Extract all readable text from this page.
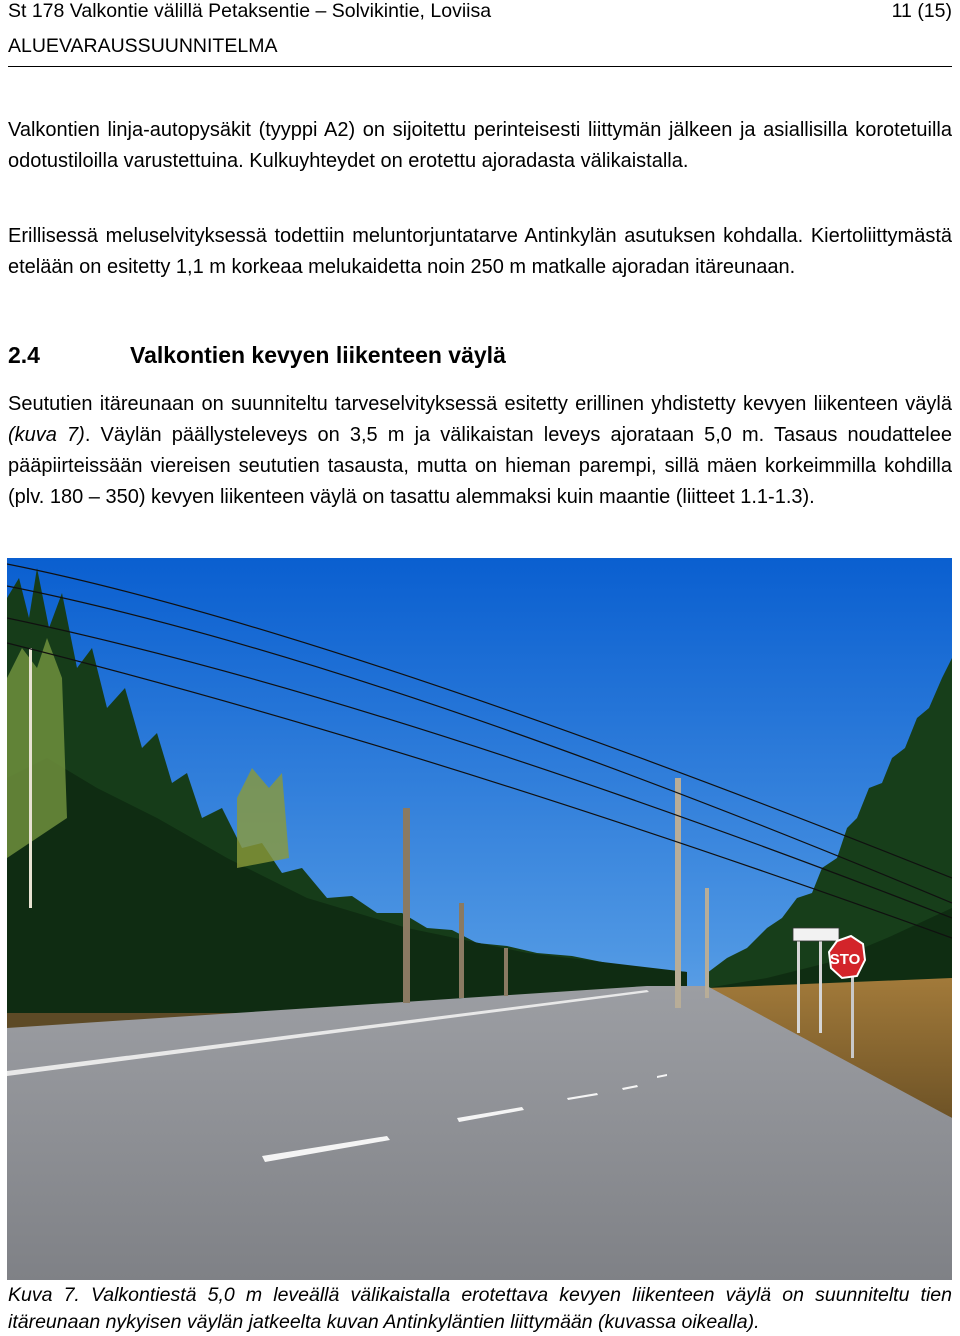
St 178 Valkontie välillä Petaksentie – Solvikintie, Loviisa	11 (15)
ALUEVARAUSSUUNNITELMA

Valkontien linja-autopysäkit (tyyppi A2) on sijoitettu perinteisesti liittymän jälkeen ja asiallisilla korotetuilla odotustiloilla varustettuina. Kulkuyhteydet on erotettu ajoradasta välikaistalla.

Erillisessä meluselvityksessä todettiin meluntorjuntatarve Antinkylän asutuksen kohdalla. Kiertoliittymästä etelään on esitetty 1,1 m korkeaa melukaidetta noin 250 m matkalle ajoradan itäreunaan.

2.4	Valkontien kevyen liikenteen väylä

Seututien itäreunaan on suunniteltu tarveselvityksessä esitetty erillinen yhdistetty kevyen liikenteen väylä (kuva 7). Väylän päällysteleveys on 3,5 m ja välikaistan leveys ajorataan 5,0 m. Tasaus noudattelee pääpiirteissään viereisen seututien tasausta, mutta on hieman parempi, sillä mäen korkeimmilla kohdilla (plv. 180 – 350) kevyen liikenteen väylä on tasattu alemmaksi kuin maantie (liitteet 1.1-1.3).

STO

Kuva 7. Valkontiestä 5,0 m leveällä välikaistalla erotettava kevyen liikenteen väylä on suunniteltu tien itäreunaan nykyisen väylän jatkeelta kuvan Antinkyläntien liittymään (kuvassa oikealla).
